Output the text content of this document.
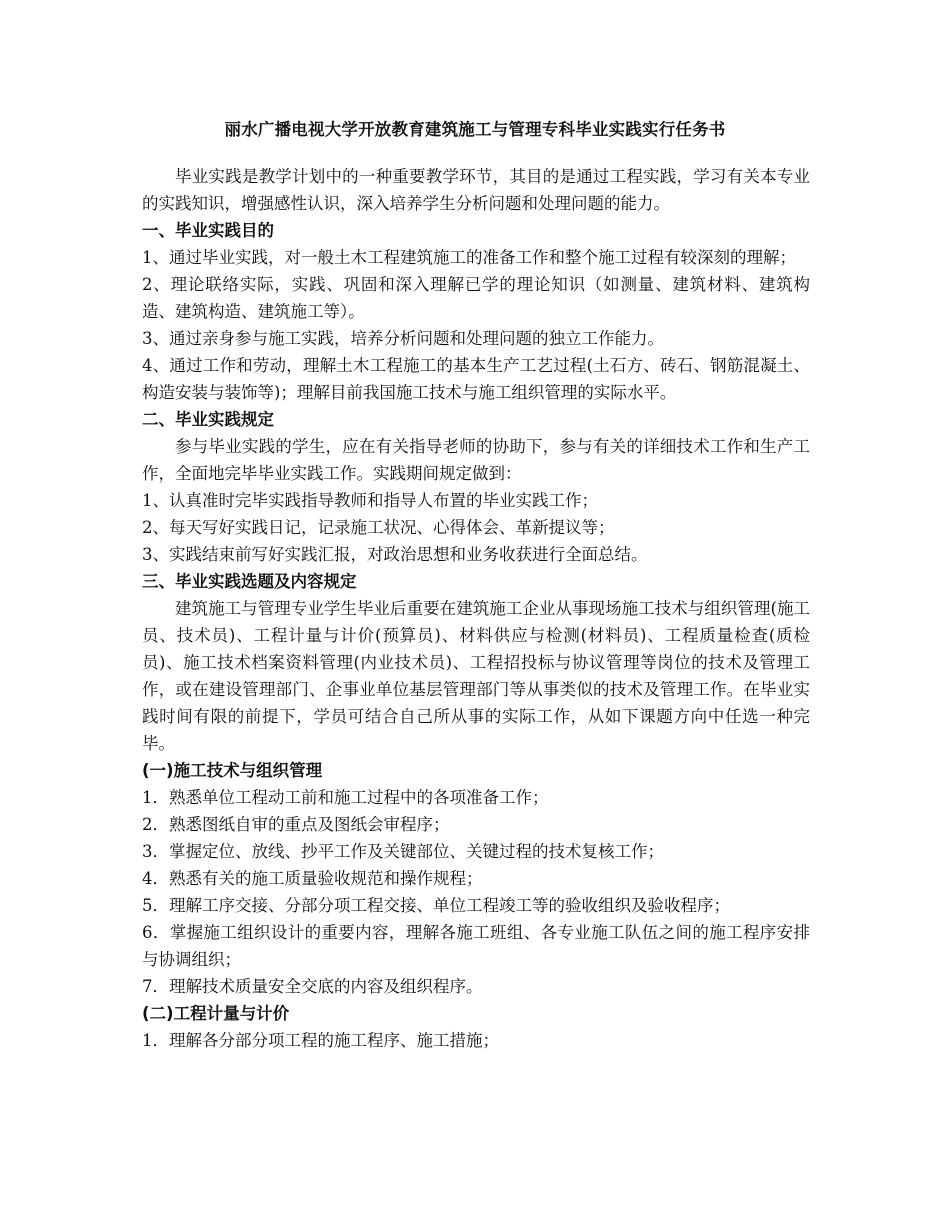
丽水广播电视大学开放教育建筑施工与管理专科毕业实践实行任务书

毕业实践是教学计划中的一种重要教学环节，其目的是通过工程实践，学习有关本专业的实践知识，增强感性认识，深入培养学生分析问题和处理问题的能力。

一、毕业实践目的

1、通过毕业实践，对一般土木工程建筑施工的准备工作和整个施工过程有较深刻的理解；

2、理论联络实际，实践、巩固和深入理解已学的理论知识（如测量、建筑材料、建筑构造、建筑构造、建筑施工等）。

3、通过亲身参与施工实践，培养分析问题和处理问题的独立工作能力。

4、通过工作和劳动，理解土木工程施工的基本生产工艺过程(土石方、砖石、钢筋混凝土、构造安装与装饰等)；理解目前我国施工技术与施工组织管理的实际水平。

二、毕业实践规定

参与毕业实践的学生，应在有关指导老师的协助下，参与有关的详细技术工作和生产工作，全面地完毕毕业实践工作。实践期间规定做到：

1、认真准时完毕实践指导教师和指导人布置的毕业实践工作；

2、每天写好实践日记，记录施工状况、心得体会、革新提议等；

3、实践结束前写好实践汇报，对政治思想和业务收获进行全面总结。

三、毕业实践选题及内容规定

建筑施工与管理专业学生毕业后重要在建筑施工企业从事现场施工技术与组织管理(施工员、技术员)、工程计量与计价(预算员)、材料供应与检测(材料员)、工程质量检查(质检员)、施工技术档案资料管理(内业技术员)、工程招投标与协议管理等岗位的技术及管理工作，或在建设管理部门、企事业单位基层管理部门等从事类似的技术及管理工作。在毕业实践时间有限的前提下，学员可结合自己所从事的实际工作，从如下课题方向中任选一种完毕。

(一)施工技术与组织管理

1．熟悉单位工程动工前和施工过程中的各项准备工作；

2．熟悉图纸自审的重点及图纸会审程序；

3．掌握定位、放线、抄平工作及关键部位、关键过程的技术复核工作；

4．熟悉有关的施工质量验收规范和操作规程；

5．理解工序交接、分部分项工程交接、单位工程竣工等的验收组织及验收程序；

6．掌握施工组织设计的重要内容，理解各施工班组、各专业施工队伍之间的施工程序安排与协调组织；

7．理解技术质量安全交底的内容及组织程序。

(二)工程计量与计价

1．理解各分部分项工程的施工程序、施工措施；
